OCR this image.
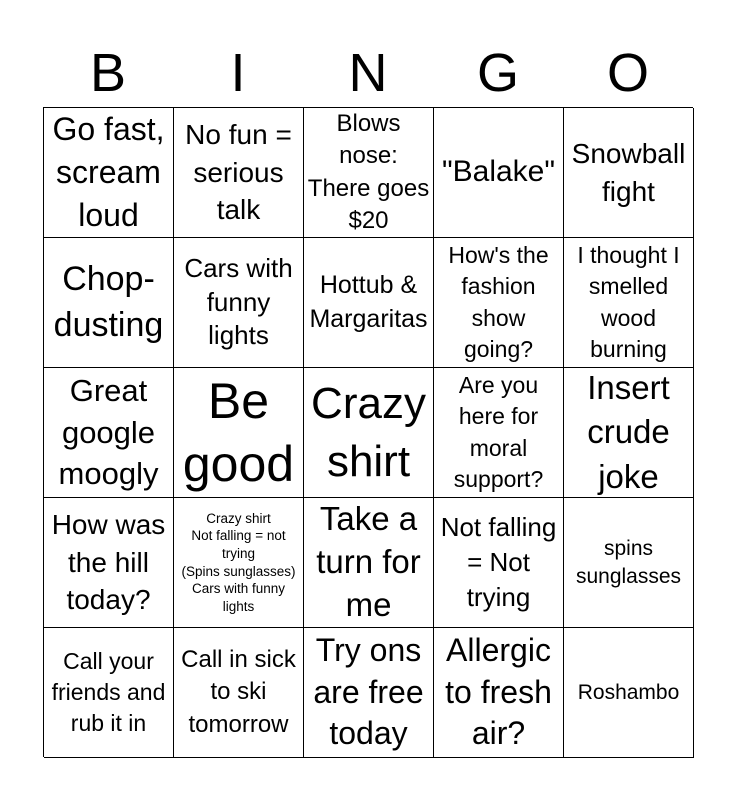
B	I	N	G	O
Go fast, scream loud
No fun = serious talk
Blows nose: There goes $20
"Balake"
Snowball fight
Chop-dusting
Cars with funny lights
Hottub & Margaritas
How's the fashion show going?
I thought I smelled wood burning
Great google moogly
Be good
Crazy shirt
Are you here for moral support?
Insert crude joke
How was the hill today?
Crazy shirt
Not falling = not trying
(Spins sunglasses)
Cars with funny lights
Take a turn for me
Not falling = Not trying
spins sunglasses
Call your friends and rub it in
Call in sick to ski tomorrow
Try ons are free today
Allergic to fresh air?
Roshambo
